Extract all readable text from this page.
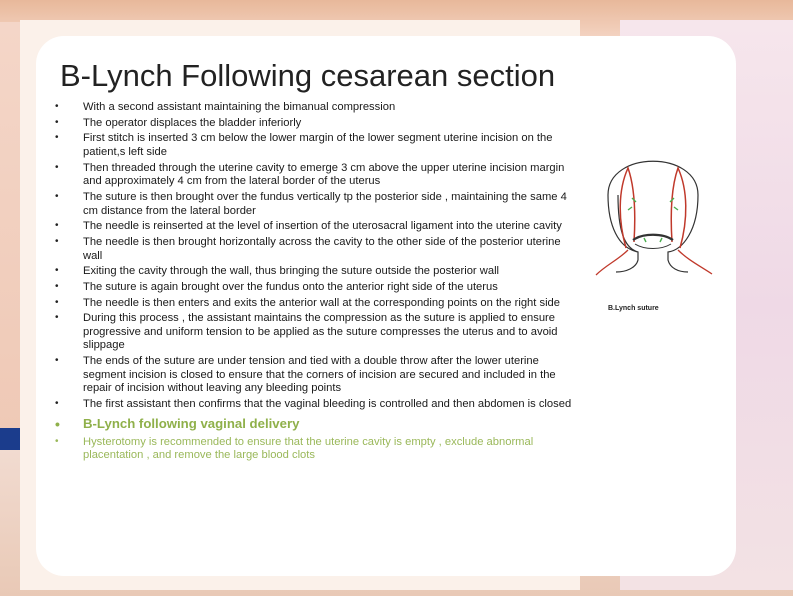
B-Lynch Following cesarean section
• With a second assistant maintaining the bimanual compression
• The operator displaces the bladder inferiorly
• First stitch is inserted 3 cm below the lower margin of the lower segment uterine incision on the patient,s left side
• Then threaded through the uterine cavity to emerge 3 cm above the upper uterine incision margin and approximately 4 cm from the lateral border of the uterus
• The suture is then brought over the fundus vertically tp the posterior side , maintaining the same 4 cm distance from the lateral border
• The needle is reinserted at the level of insertion of the uterosacral ligament into the uterine cavity
• The needle is then brought horizontally across the cavity to the other side of the posterior uterine wall
• Exiting the cavity through the wall, thus bringing the suture outside the posterior wall
• The suture is again brought over the fundus onto the anterior right side of the uterus
• The needle is then enters and exits the anterior wall at the corresponding points on the right side
• During this process , the assistant maintains the compression as the suture is applied to ensure progressive and uniform tension to be applied as the suture compresses the uterus and to avoid slippage
• The ends of the suture are under tension and tied with a double throw after the lower uterine segment incision is closed to ensure that the corners of incision are secured and included in the repair of incision without leaving any bleeding points
• The first assistant then confirms that the vaginal bleeding is controlled and then abdomen is closed
• B-Lynch following vaginal delivery
• Hysterotomy is recommended to ensure that the uterine cavity is empty , exclude abnormal placentation , and remove the large blood clots
B.Lynch suture
